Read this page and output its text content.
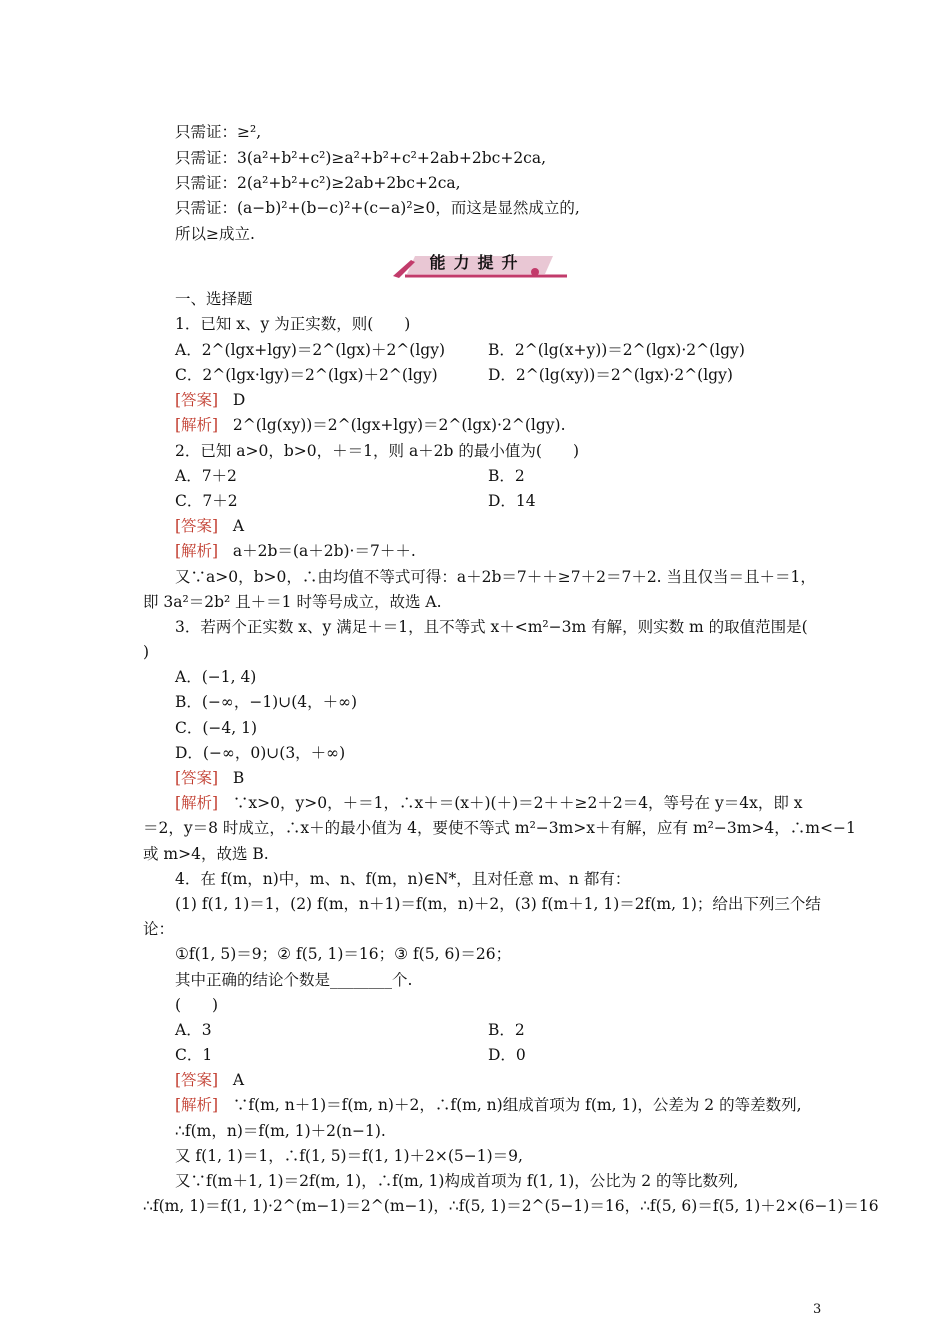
只需证：≥²,
只需证：3(a²+b²+c²)≥a²+b²+c²+2ab+2bc+2ca,
只需证：2(a²+b²+c²)≥2ab+2bc+2ca,
只需证：(a−b)²+(b−c)²+(c−a)²≥0，而这是显然成立的,
所以≥成立.
能力提升
一、选择题
1．已知 x、y 为正实数，则(　　)
A．2^(lgx+lgy)＝2^(lgx)＋2^(lgy)	B．2^(lg(x+y))＝2^(lgx)·2^(lgy)
C．2^(lgx·lgy)＝2^(lgx)＋2^(lgy)	D．2^(lg(xy))＝2^(lgx)·2^(lgy)
[答案] D
[解析] 2^(lg(xy))＝2^(lgx+lgy)＝2^(lgx)·2^(lgy).
2．已知 a>0，b>0，＋＝1，则 a＋2b 的最小值为(　　)
A．7＋2	B．2
C．7＋2	D．14
[答案] A
[解析] a＋2b＝(a＋2b)·＝7＋＋.
又∵a>0，b>0，∴由均值不等式可得：a＋2b＝7＋＋≥7＋2＝7＋2. 当且仅当＝且＋＝1，
即 3a²＝2b² 且＋＝1 时等号成立，故选 A.
3．若两个正实数 x、y 满足＋＝1，且不等式 x＋<m²−3m 有解，则实数 m 的取值范围是(
)
A．(−1, 4)
B．(−∞，−1)∪(4，＋∞)
C．(−4, 1)
D．(−∞，0)∪(3，＋∞)
[答案] B
[解析] ∵x>0，y>0，＋＝1，∴x＋＝(x＋)(＋)＝2＋＋≥2＋2＝4，等号在 y＝4x，即 x
＝2，y＝8 时成立，∴x＋的最小值为 4，要使不等式 m²−3m>x＋有解，应有 m²−3m>4，∴m<−1
或 m>4，故选 B.
4．在 f(m，n)中，m、n、f(m，n)∈N*，且对任意 m、n 都有：
(1) f(1, 1)＝1，(2) f(m，n＋1)＝f(m，n)＋2，(3) f(m＋1, 1)＝2f(m, 1)；给出下列三个结
论：
①f(1, 5)＝9；② f(5, 1)＝16；③ f(5, 6)＝26；
其中正确的结论个数是________个.
(　　)
A．3	B．2
C．1	D．0
[答案] A
[解析] ∵f(m, n＋1)＝f(m, n)＋2，∴f(m, n)组成首项为 f(m, 1)，公差为 2 的等差数列,
∴f(m，n)＝f(m, 1)＋2(n−1).
又 f(1, 1)＝1，∴f(1, 5)＝f(1, 1)＋2×(5−1)＝9,
又∵f(m＋1, 1)＝2f(m, 1)，∴f(m, 1)构成首项为 f(1, 1)，公比为 2 的等比数列,
∴f(m, 1)＝f(1, 1)·2^(m−1)＝2^(m−1)，∴f(5, 1)＝2^(5−1)＝16，∴f(5, 6)＝f(5, 1)＋2×(6−1)＝16
3
